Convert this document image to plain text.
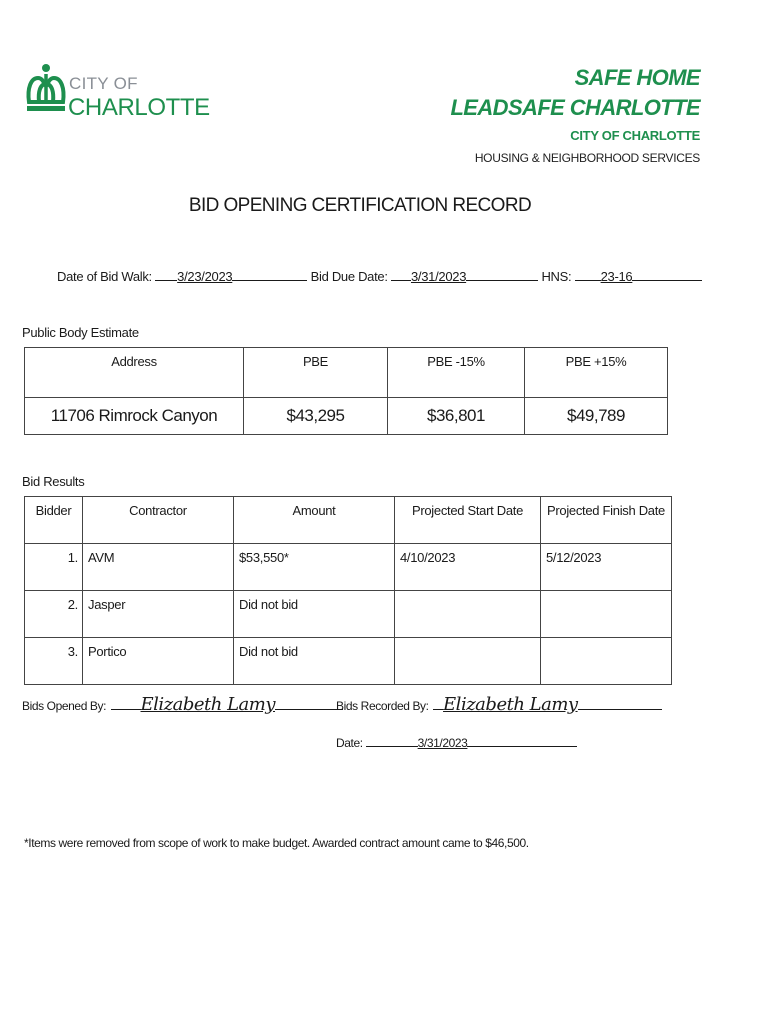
CITY OF
CHARLOTTE
SAFE HOME
LEADSAFE CHARLOTTE
CITY OF CHARLOTTE
HOUSING & NEIGHBORHOOD SERVICES
BID OPENING CERTIFICATION RECORD
Date of Bid Walk: 3/23/2023	Bid Due Date: 3/31/2023	HNS: 23-16
Public Body Estimate
Address	PBE	PBE -15%	PBE +15%
11706 Rimrock Canyon	$43,295	$36,801	$49,789
Bid Results
Bidder	Contractor	Amount	Projected Start Date	Projected Finish Date
1.	AVM	$53,550*	4/10/2023	5/12/2023
2.	Jasper	Did not bid		
3.	Portico	Did not bid		
Bids Opened By: Elizabeth Lamy	Bids Recorded By: Elizabeth Lamy
Date:	3/31/2023
*Items were removed from scope of work to make budget. Awarded contract amount came to $46,500.
